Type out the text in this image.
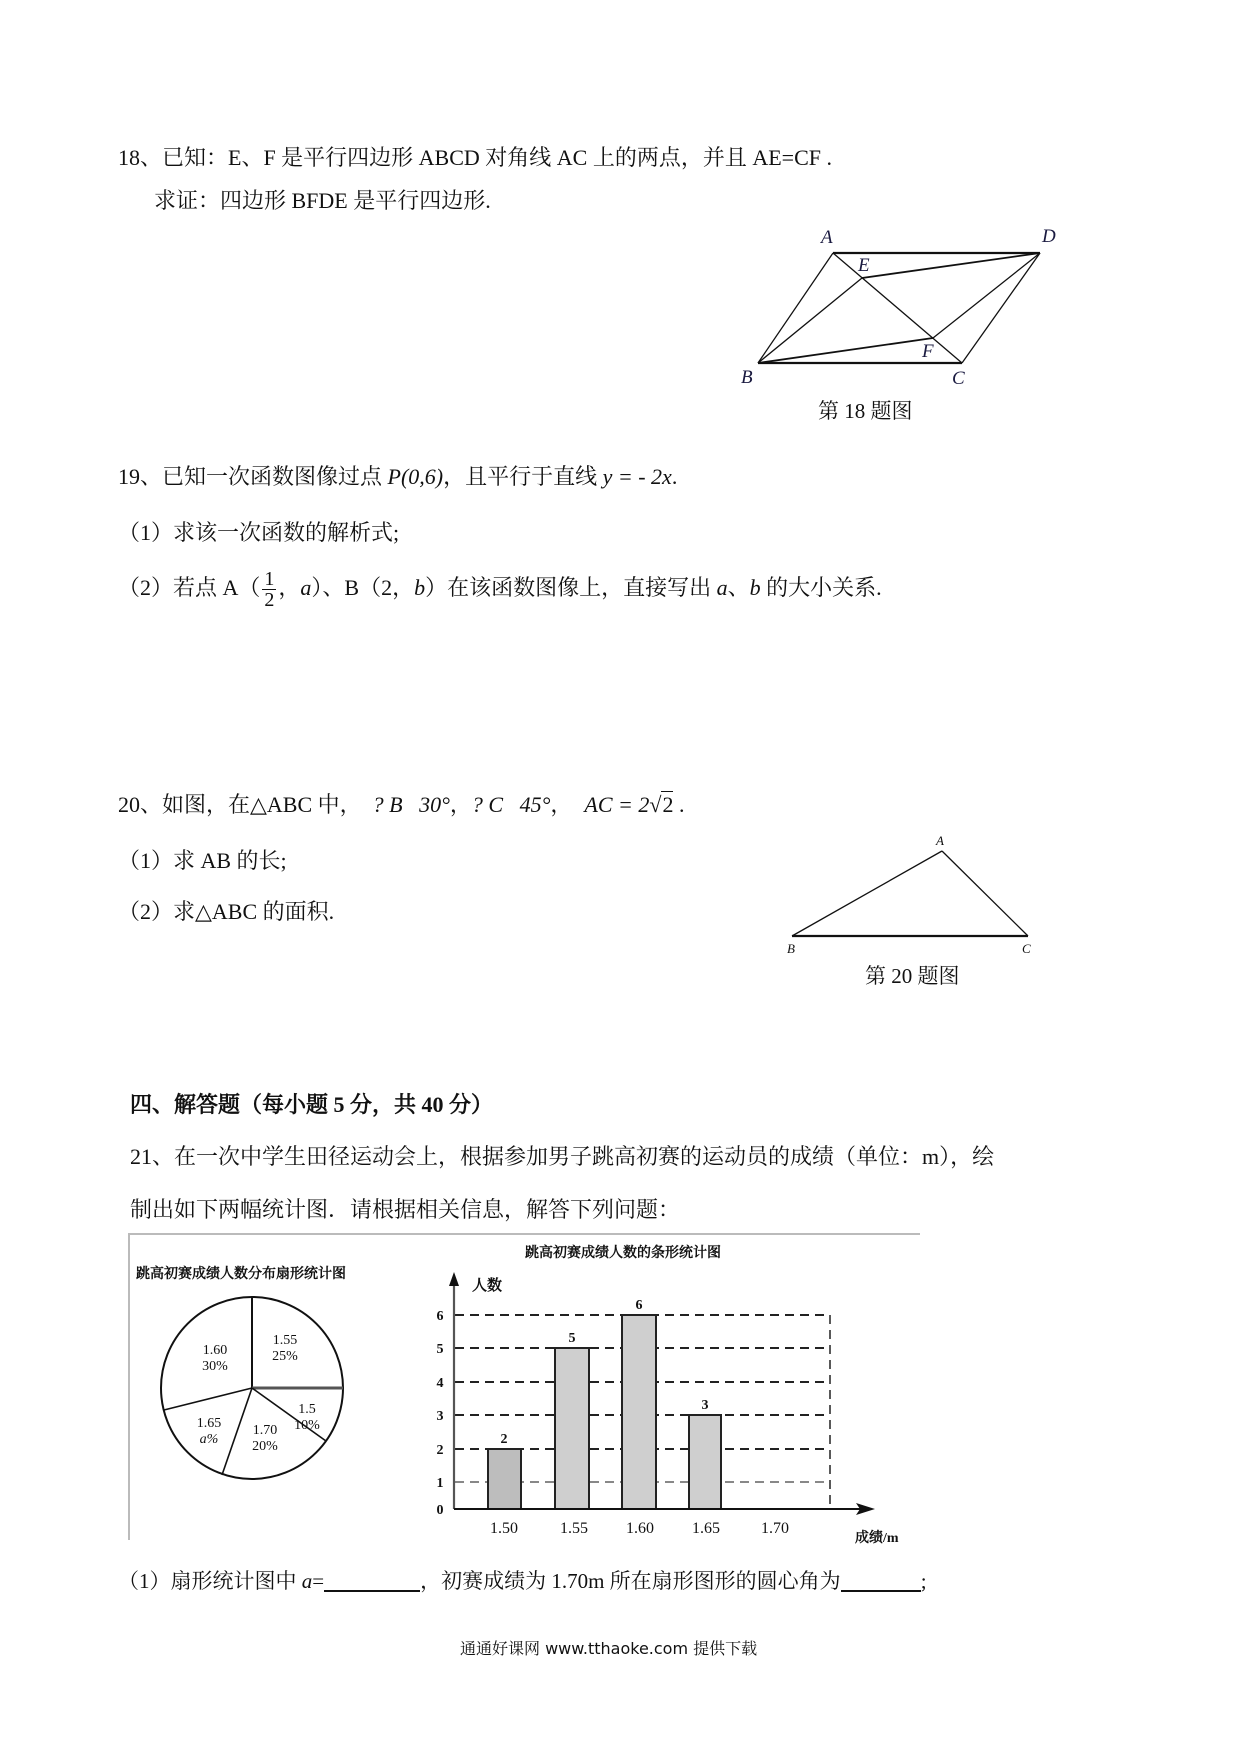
18、已知：E、F 是平行四边形 ABCD 对角线 AC 上的两点，并且 AE=CF .
求证：四边形 BFDE 是平行四边形.
A	D
B	C
E
F
第 18 题图
19、已知一次函数图像过点 P(0,6)，且平行于直线 y = - 2x.
（1）求该一次函数的解析式;
（2）若点 $A( \frac{1}{2}$ ，a）、B（2，b）在该函数图像上，直接写出 a、b 的大小关系.
20、如图，在△ABC 中，  ? B   30°，? C   45°， AC = 2√2 .
（1）求 AB 的长;
（2）求△ABC 的面积.
A
B	C
第 20 题图
四、解答题（每小题 5 分，共 40 分）
21、在一次中学生田径运动会上，根据参加男子跳高初赛的运动员的成绩（单位：m），绘
制出如下两幅统计图．请根据相关信息，解答下列问题：
跳高初赛成绩人数分布扇形统计图
1.55
25%
1.5
10%
1.70
20%
1.65
a%
1.60
30%
跳高初赛成绩人数的条形统计图
0
1
2
3
4
5
6
人数
2
5
6
3
1.50	1.55 1.60 1.65	1.70
成绩/m
（1）扇形统计图中 a=	，初赛成绩为 1.70m 所在扇形图形的圆心角为	;
通通好课网 www.tthaoke.com 提供下载
